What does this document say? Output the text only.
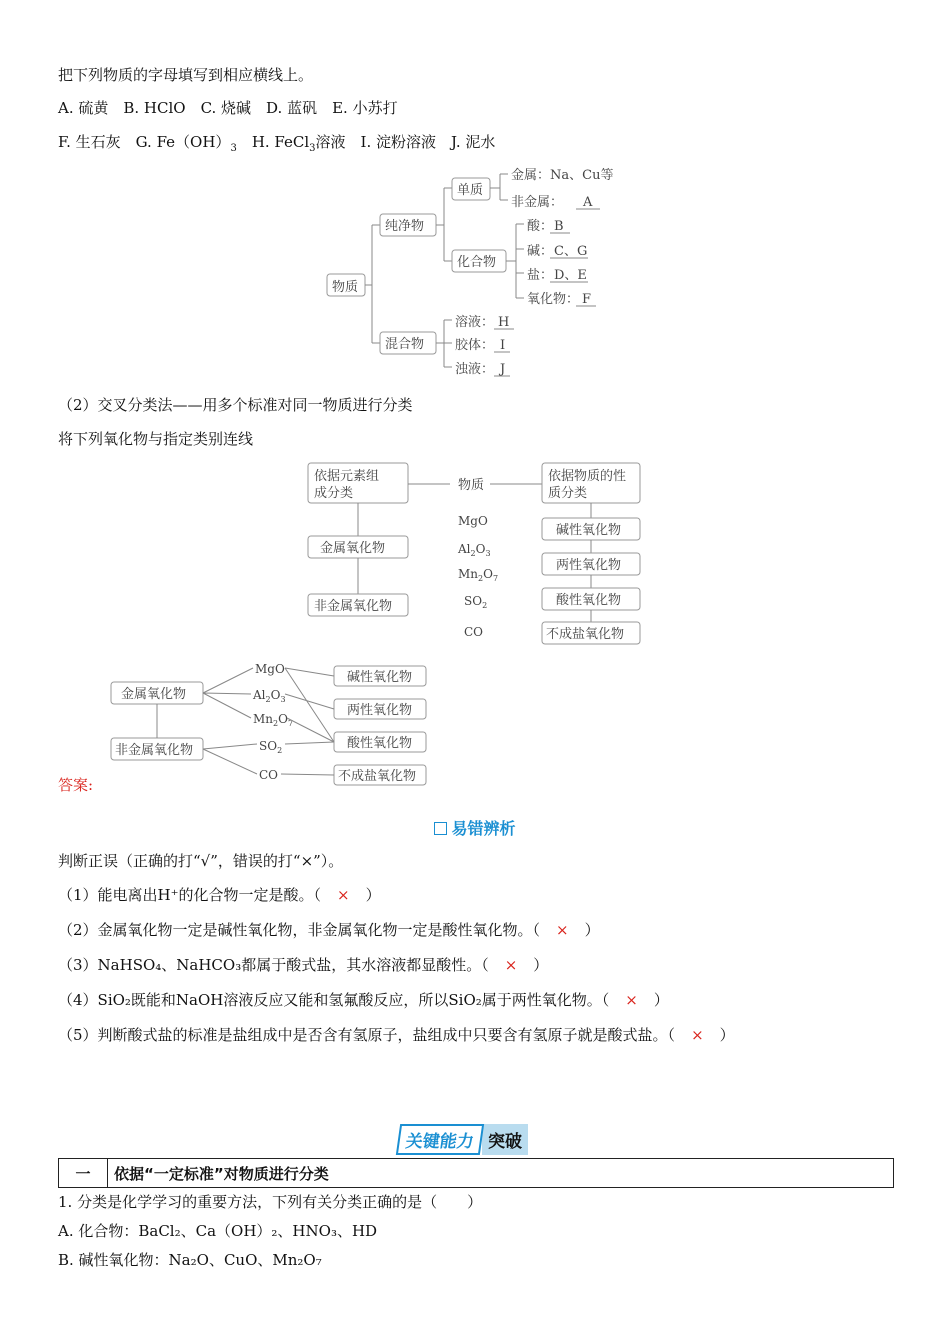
把下列物质的字母填写到相应横线上。
A. 硫黄　B. HClO　C. 烧碱　D. 蓝矾　E. 小苏打
F. 生石灰　G. $Fe(OH)_3$　H. FeCl$_3$溶液　I. 淀粉溶液　J. 泥水
物质
纯净物
混合物
单质
化合物
金属：Na、Cu等
非金属： A
酸： B
碱： C、G
盐： D、E
氧化物： F
溶液： H
胶体： I
浊液： J
（2）交叉分类法——用多个标准对同一物质进行分类
将下列氧化物与指定类别连线
依据元素组
成分类
物质
依据物质的性
质分类
金属氧化物
非金属氧化物
MgO
$Al_2O_3$
$Mn_2O_7$
$SO_2$
CO
碱性氧化物
两性氧化物
酸性氧化物
不成盐氧化物
金属氧化物
非金属氧化物
MgO
$Al_2O_3$
$Mn_2O_7$
$SO_2$
CO
碱性氧化物
两性氧化物
酸性氧化物
不成盐氧化物
答案:
易错辨析
判断正误（正确的打“√”，错误的打“×”）。
（1）能电离出H⁺的化合物一定是酸。（ × ）
（2）金属氧化物一定是碱性氧化物，非金属氧化物一定是酸性氧化物。（ × ）
（3）NaHSO₄、NaHCO₃都属于酸式盐，其水溶液都显酸性。（ × ）
（4）SiO₂既能和NaOH溶液反应又能和氢氟酸反应，所以SiO₂属于两性氧化物。（ × ）
（5）判断酸式盐的标准是盐组成中是否含有氢原子，盐组成中只要含有氢原子就是酸式盐。（ × ）
关键能力 突破
一	依据“一定标准”对物质进行分类
1. 分类是化学学习的重要方法，下列有关分类正确的是（　　）
A. 化合物：BaCl₂、Ca（OH）₂、HNO₃、HD
B. 碱性氧化物：Na₂O、CuO、Mn₂O₇
